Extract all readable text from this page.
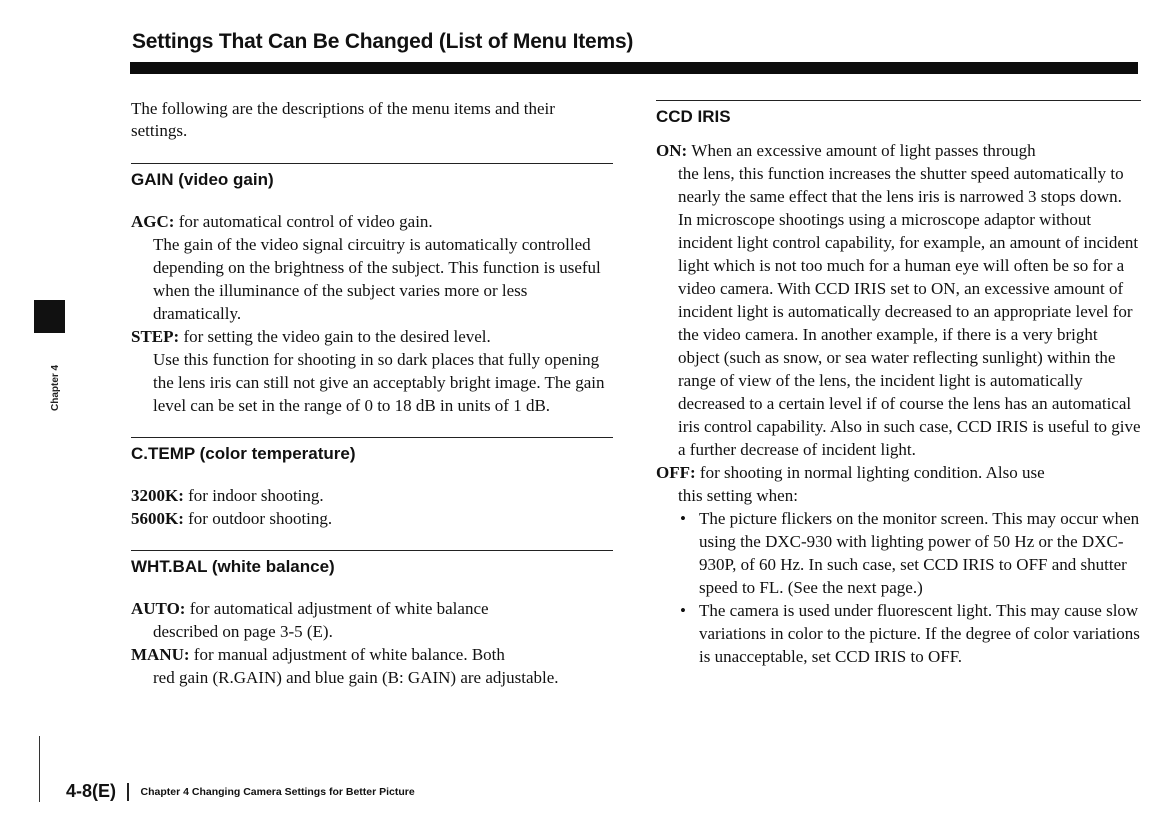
Settings That Can Be Changed (List of Menu Items)
Chapter 4

The following are the descriptions of the menu items and their settings.

GAIN (video gain)

AGC: for automatical control of video gain.
The gain of the video signal circuitry is automatically controlled depending on the brightness of the subject. This function is useful when the illuminance of the subject varies more or less dramatically.

STEP: for setting the video gain to the desired level.
Use this function for shooting in so dark places that fully opening the lens iris can still not give an acceptably bright image. The gain level can be set in the range of 0 to 18 dB in units of 1 dB.

C.TEMP (color temperature)

3200K: for indoor shooting.

5600K: for outdoor shooting.

WHT.BAL (white balance)

AUTO: for automatical adjustment of white balance
described on page 3-5 (E).

MANU: for manual adjustment of white balance. Both
red gain (R.GAIN) and blue gain (B: GAIN) are adjustable.

CCD IRIS

ON: When an excessive amount of light passes through
the lens, this function increases the shutter speed automatically to nearly the same effect that the lens iris is narrowed 3 stops down.
In microscope shootings using a microscope adaptor without incident light control capability, for example, an amount of incident light which is not too much for a human eye will often be so for a video camera. With CCD IRIS set to ON, an excessive amount of incident light is automatically decreased to an appropriate level for the video camera. In another example, if there is a very bright object (such as snow, or sea water reflecting sunlight) within the range of view of the lens, the incident light is automatically decreased to a certain level if of course the lens has an automatical iris control capability. Also in such case, CCD IRIS is useful to give a further decrease of incident light.

OFF: for shooting in normal lighting condition. Also use
this setting when:

• The picture flickers on the monitor screen. This may occur when using the DXC-930 with lighting power of 50 Hz or the DXC-930P, of 60 Hz. In such case, set CCD IRIS to OFF and shutter speed to FL. (See the next page.)
• The camera is used under fluorescent light. This may cause slow variations in color to the picture. If the degree of color variations is unacceptable, set CCD IRIS to OFF.
4-8(E) Chapter 4 Changing Camera Settings for Better Picture
